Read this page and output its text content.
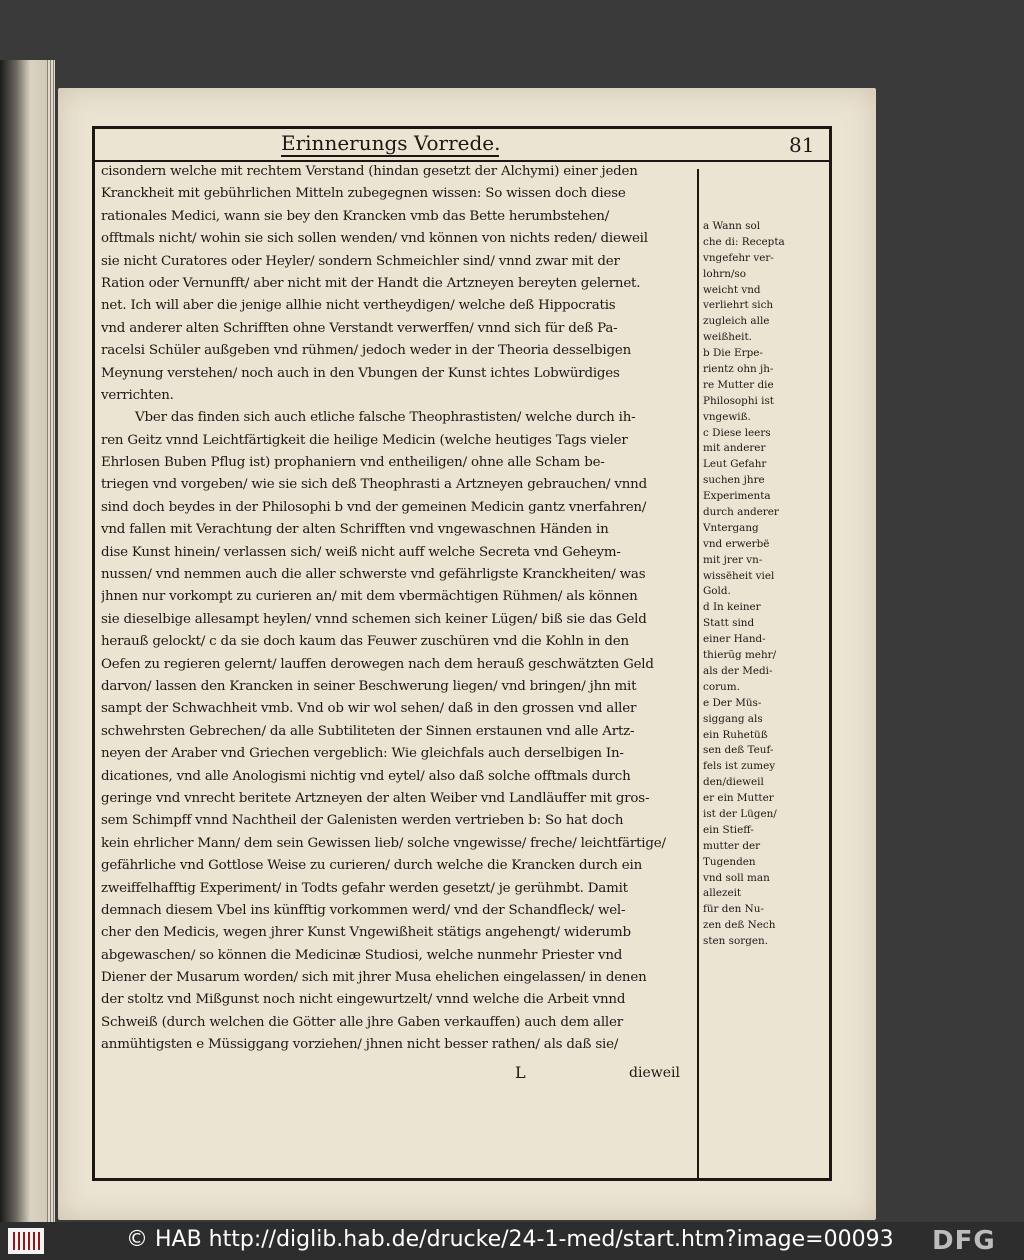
Erinnerungs Vorrede.	81
cisondern welche mit rechtem Verstand (hindan gesetzt der Alchymi) einer jeden
Kranckheit mit gebührlichen Mitteln zubegegnen wissen: So wissen doch diese
rationales Medici, wann sie bey den Krancken vmb das Bette herumbstehen/
offtmals nicht/ wohin sie sich sollen wenden/ vnd können von nichts reden/ dieweil
sie nicht Curatores oder Heyler/ sondern Schmeichler sind/ vnnd zwar mit der
Ration oder Vernunfft/ aber nicht mit der Handt die Artzneyen bereyten gelernet.
net. Ich will aber die jenige allhie nicht vertheydigen/ welche deß Hippocratis
vnd anderer alten Schrifften ohne Verstandt verwerffen/ vnnd sich für deß Pa-
racelsi Schüler außgeben vnd rühmen/ jedoch weder in der Theoria desselbigen
Meynung verstehen/ noch auch in den Vbungen der Kunst ichtes Lobwürdiges
verrichten.
Vber das finden sich auch etliche falsche Theophrastisten/ welche durch ih-
ren Geitz vnnd Leichtfärtigkeit die heilige Medicin (welche heutiges Tags vieler
Ehrlosen Buben Pflug ist) prophaniern vnd entheiligen/ ohne alle Scham be-
triegen vnd vorgeben/ wie sie sich deß Theophrasti a Artzneyen gebrauchen/ vnnd
sind doch beydes in der Philosophi b vnd der gemeinen Medicin gantz vnerfahren/
vnd fallen mit Verachtung der alten Schrifften vnd vngewaschnen Händen in
dise Kunst hinein/ verlassen sich/ weiß nicht auff welche Secreta vnd Geheym-
nussen/ vnd nemmen auch die aller schwerste vnd gefährligste Kranckheiten/ was
jhnen nur vorkompt zu curieren an/ mit dem vbermächtigen Rühmen/ als können
sie dieselbige allesampt heylen/ vnnd schemen sich keiner Lügen/ biß sie das Geld
herauß gelockt/ c da sie doch kaum das Feuwer zuschüren vnd die Kohln in den
Oefen zu regieren gelernt/ lauffen derowegen nach dem herauß geschwätzten Geld
darvon/ lassen den Krancken in seiner Beschwerung liegen/ vnd bringen/ jhn mit
sampt der Schwachheit vmb. Vnd ob wir wol sehen/ daß in den grossen vnd aller
schwehrsten Gebrechen/ da alle Subtiliteten der Sinnen erstaunen vnd alle Artz-
neyen der Araber vnd Griechen vergeblich: Wie gleichfals auch derselbigen In-
dicationes, vnd alle Anologismi nichtig vnd eytel/ also daß solche offtmals durch
geringe vnd vnrecht beritete Artzneyen der alten Weiber vnd Landläuffer mit gros-
sem Schimpff vnnd Nachtheil der Galenisten werden vertrieben b: So hat doch
kein ehrlicher Mann/ dem sein Gewissen lieb/ solche vngewisse/ freche/ leichtfärtige/
gefährliche vnd Gottlose Weise zu curieren/ durch welche die Krancken durch ein
zweiffelhafftig Experiment/ in Todts gefahr werden gesetzt/ je gerühmbt. Damit
demnach diesem Vbel ins künfftig vorkommen werd/ vnd der Schandfleck/ wel-
cher den Medicis, wegen jhrer Kunst Vngewißheit stätigs angehengt/ widerumb
abgewaschen/ so können die Medicinæ Studiosi, welche nunmehr Priester vnd
Diener der Musarum worden/ sich mit jhrer Musa ehelichen eingelassen/ in denen
der stoltz vnd Mißgunst noch nicht eingewurtzelt/ vnnd welche die Arbeit vnnd
Schweiß (durch welchen die Götter alle jhre Gaben verkauffen) auch dem aller
anmühtigsten e Müssiggang vorziehen/ jhnen nicht besser rathen/ als daß sie/
a Wann sol
che di: Recepta
vngefehr ver-
lohrn/so
weicht vnd
verliehrt sich
zugleich alle
weißheit.
b Die Erpe-
rientz ohn jh-
re Mutter die
Philosophi ist
vngewiß.
c Diese leers
mit anderer
Leut Gefahr
suchen jhre
Experimenta
durch anderer
Vntergang
vnd erwerbë
mit jrer vn-
wissëheit viel
Gold.
d In keiner
Statt sind
einer Hand-
thierũg mehr/
als der Medi-
corum.
e Der Müs-
siggang als
ein Ruhetüß
sen deß Teuf-
fels ist zumey
den/dieweil
er ein Mutter
ist der Lügen/
ein Stieff-
mutter der
Tugenden
vnd soll man
allezeit
für den Nu-
zen deß Nech
sten sorgen.
L	dieweil
© HAB http://diglib.hab.de/drucke/24-1-med/start.htm?image=00093 DFG
